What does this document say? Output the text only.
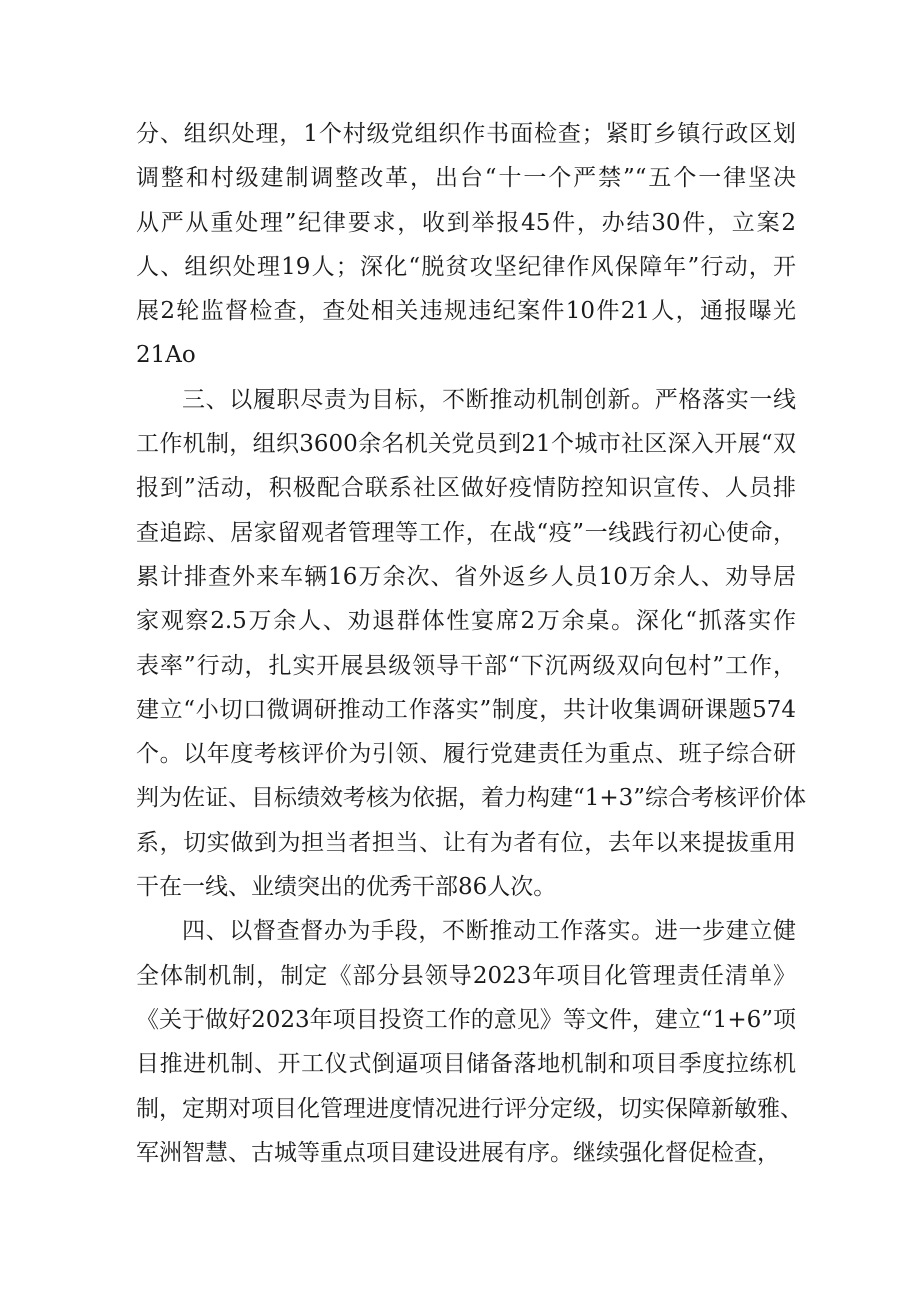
分、组织处理，1个村级党组织作书面检查；紧盯乡镇行政区划
调整和村级建制调整改革，出台“十一个严禁”“五个一律坚决
从严从重处理”纪律要求，收到举报45件，办结30件，立案2
人、组织处理19人；深化“脱贫攻坚纪律作风保障年”行动，开
展2轮监督检查，查处相关违规违纪案件10件21人，通报曝光
21Ao
三、以履职尽责为目标，不断推动机制创新。严格落实一线
工作机制，组织3600余名机关党员到21个城市社区深入开展“双
报到”活动，积极配合联系社区做好疫情防控知识宣传、人员排
查追踪、居家留观者管理等工作，在战“疫”一线践行初心使命，
累计排查外来车辆16万余次、省外返乡人员10万余人、劝导居
家观察2.5万余人、劝退群体性宴席2万余桌。深化“抓落实作
表率”行动，扎实开展县级领导干部“下沉两级双向包村”工作，
建立“小切口微调研推动工作落实”制度，共计收集调研课题574
个。以年度考核评价为引领、履行党建责任为重点、班子综合研
判为佐证、目标绩效考核为依据，着力构建“1+3”综合考核评价体
系，切实做到为担当者担当、让有为者有位，去年以来提拔重用
干在一线、业绩突出的优秀干部86人次。
四、以督查督办为手段，不断推动工作落实。进一步建立健
全体制机制，制定《部分县领导2023年项目化管理责任清单》
《关于做好2023年项目投资工作的意见》等文件，建立“1+6”项
目推进机制、开工仪式倒逼项目储备落地机制和项目季度拉练机
制，定期对项目化管理进度情况进行评分定级，切实保障新敏雅、
军洲智慧、古城等重点项目建设进展有序。继续强化督促检查，
